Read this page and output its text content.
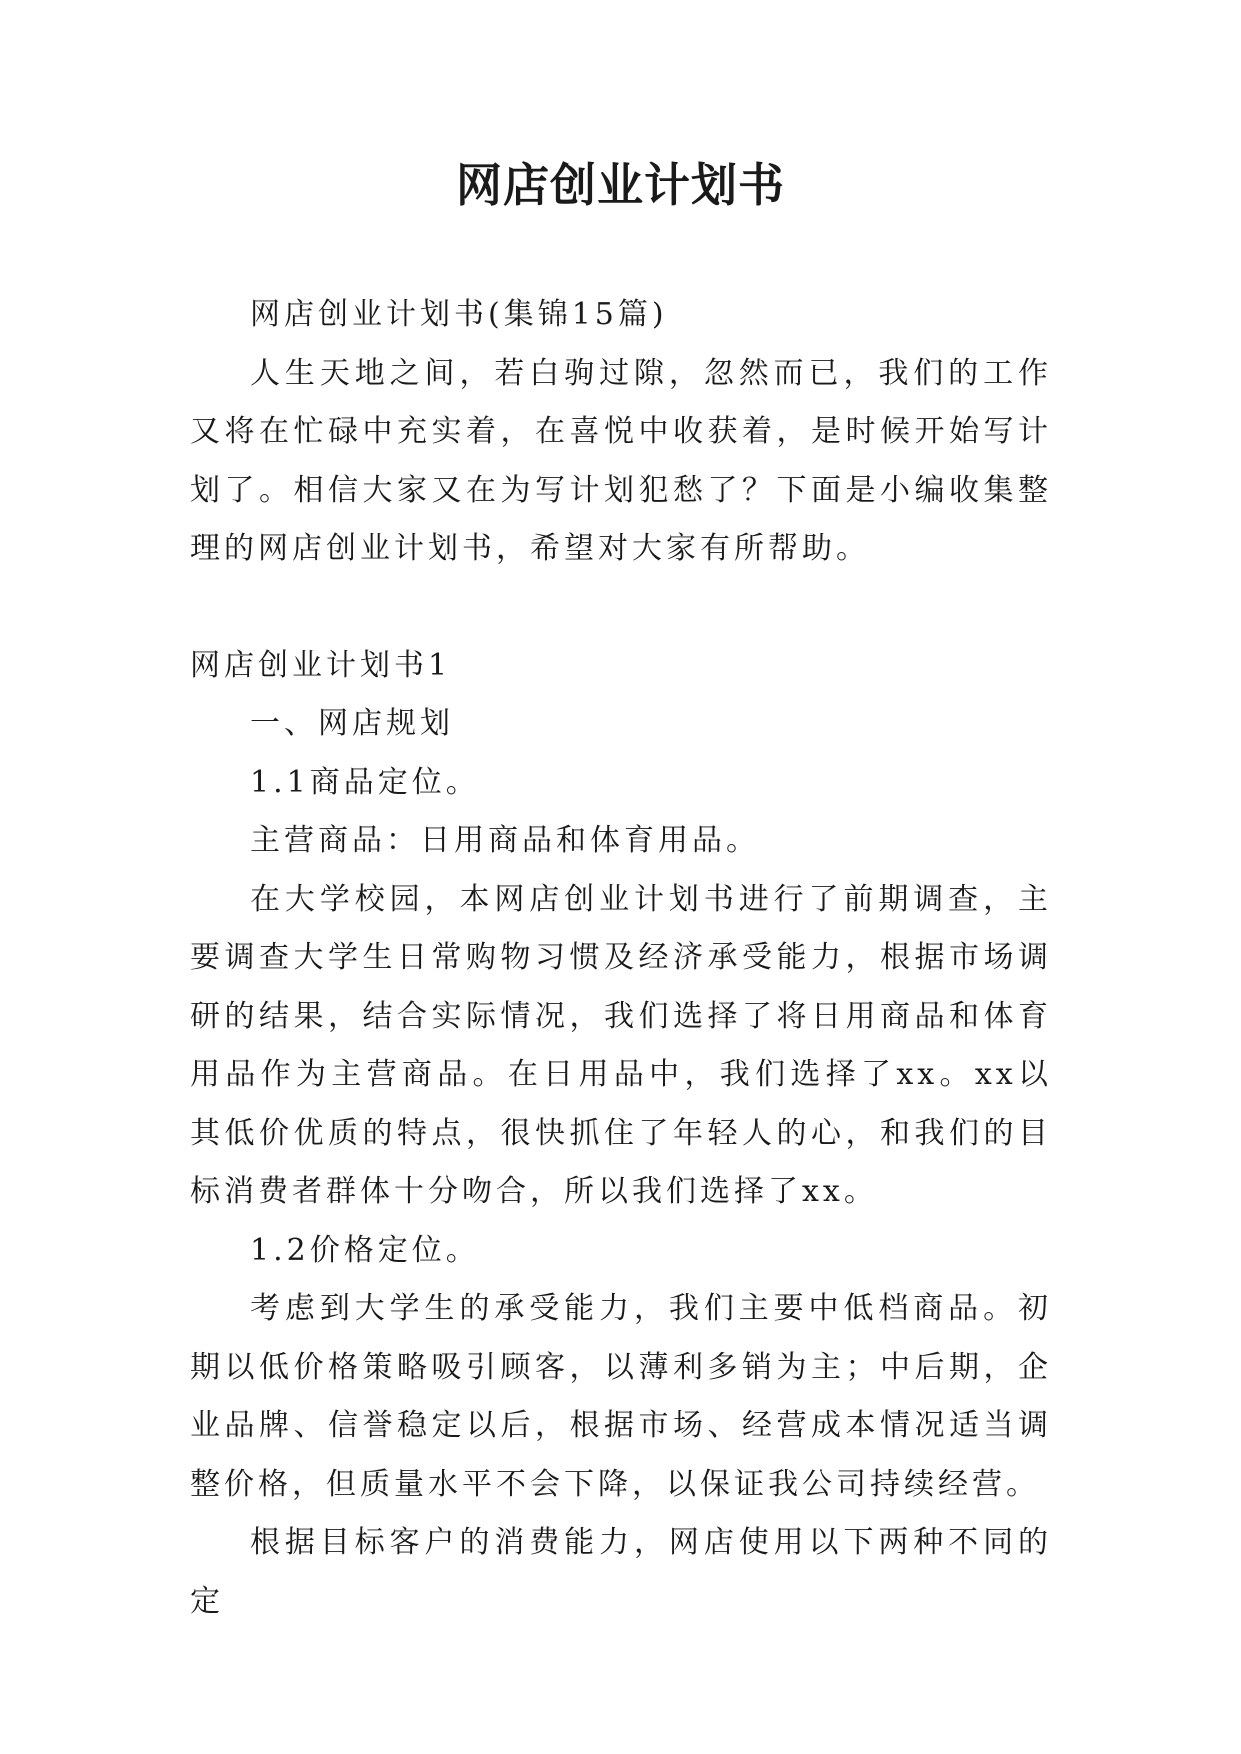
网店创业计划书

网店创业计划书(集锦15篇)

人生天地之间，若白驹过隙，忽然而已，我们的工作又将在忙碌中充实着，在喜悦中收获着，是时候开始写计划了。相信大家又在为写计划犯愁了？下面是小编收集整理的网店创业计划书，希望对大家有所帮助。

网店创业计划书1

一、网店规划

1.1商品定位。

主营商品：日用商品和体育用品。

在大学校园，本网店创业计划书进行了前期调查，主要调查大学生日常购物习惯及经济承受能力，根据市场调研的结果，结合实际情况，我们选择了将日用商品和体育用品作为主营商品。在日用品中，我们选择了xx。xx以其低价优质的特点，很快抓住了年轻人的心，和我们的目标消费者群体十分吻合，所以我们选择了xx。

1.2价格定位。

考虑到大学生的承受能力，我们主要中低档商品。初期以低价格策略吸引顾客，以薄利多销为主；中后期，企业品牌、信誉稳定以后，根据市场、经营成本情况适当调整价格，但质量水平不会下降，以保证我公司持续经营。

根据目标客户的消费能力，网店使用以下两种不同的定
